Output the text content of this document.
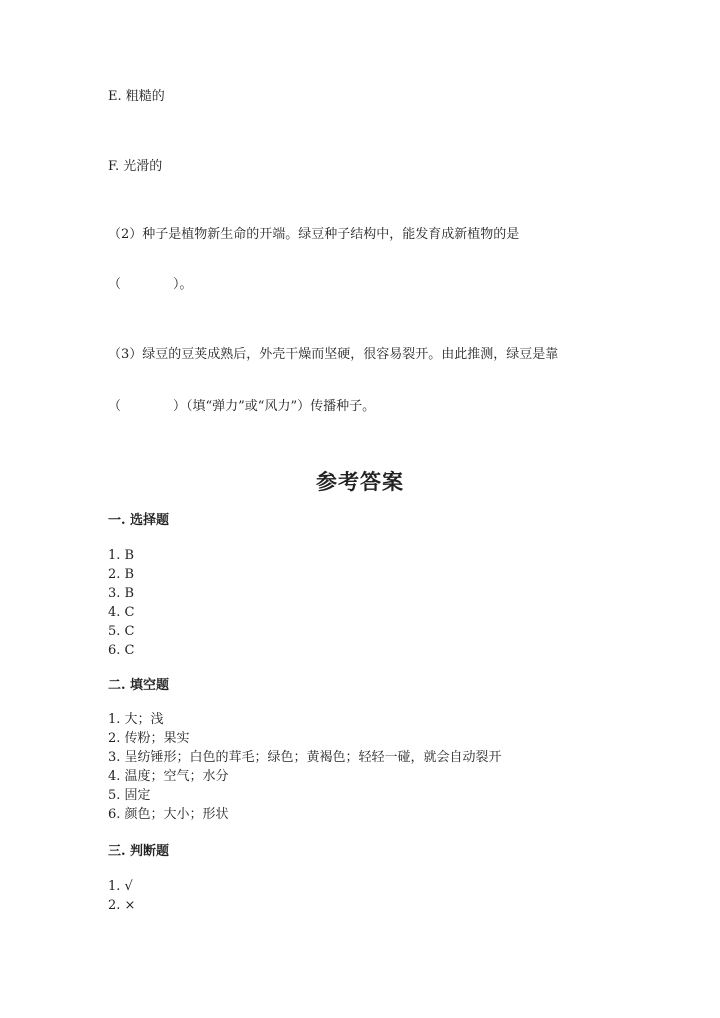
E. 粗糙的
F. 光滑的
（2）种子是植物新生命的开端。绿豆种子结构中，能发育成新植物的是
（　　　　）。
（3）绿豆的豆荚成熟后，外壳干燥而坚硬，很容易裂开。由此推测，绿豆是靠
（　　　　）（填“弹力”或“风力”）传播种子。
参考答案
一. 选择题
1. B
2. B
3. B
4. C
5. C
6. C
二. 填空题
1. 大；浅
2. 传粉；果实
3. 呈纺锤形；白色的茸毛；绿色；黄褐色；轻轻一碰，就会自动裂开
4. 温度；空气；水分
5. 固定
6. 颜色；大小；形状
三. 判断题
1. √
2. ×
